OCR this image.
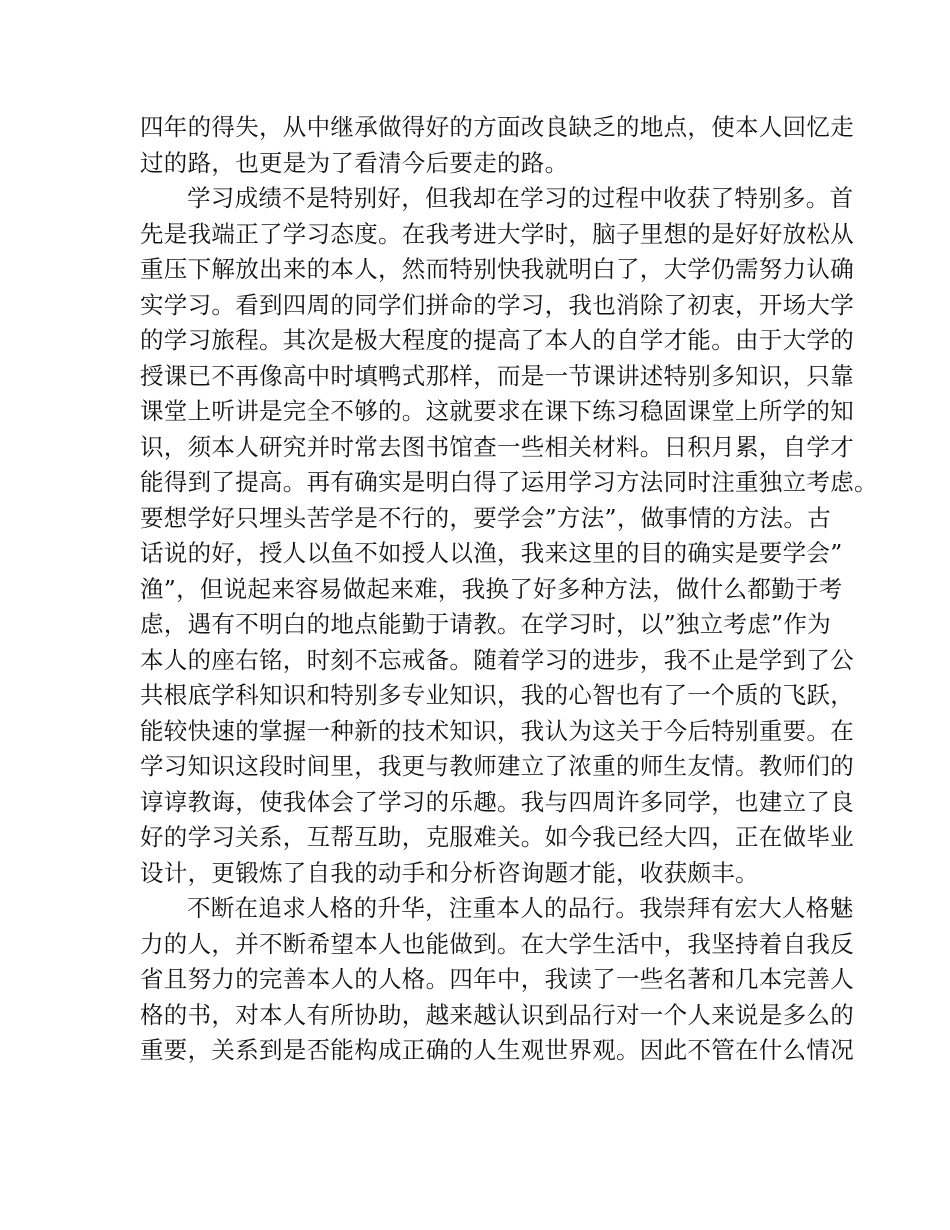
四年的得失，从中继承做得好的方面改良缺乏的地点，使本人回忆走
过的路，也更是为了看清今后要走的路。
学习成绩不是特别好，但我却在学习的过程中收获了特别多。首
先是我端正了学习态度。在我考进大学时，脑子里想的是好好放松从
重压下解放出来的本人，然而特别快我就明白了，大学仍需努力认确
实学习。看到四周的同学们拼命的学习，我也消除了初衷，开场大学
的学习旅程。其次是极大程度的提高了本人的自学才能。由于大学的
授课已不再像高中时填鸭式那样，而是一节课讲述特别多知识，只靠
课堂上听讲是完全不够的。这就要求在课下练习稳固课堂上所学的知
识，须本人研究并时常去图书馆查一些相关材料。日积月累，自学才
能得到了提高。再有确实是明白得了运用学习方法同时注重独立考虑。
要想学好只埋头苦学是不行的，要学会”方法”，做事情的方法。古
话说的好，授人以鱼不如授人以渔，我来这里的目的确实是要学会”
渔”，但说起来容易做起来难，我换了好多种方法，做什么都勤于考
虑，遇有不明白的地点能勤于请教。在学习时，以”独立考虑”作为
本人的座右铭，时刻不忘戒备。随着学习的进步，我不止是学到了公
共根底学科知识和特别多专业知识，我的心智也有了一个质的飞跃，
能较快速的掌握一种新的技术知识，我认为这关于今后特别重要。在
学习知识这段时间里，我更与教师建立了浓重的师生友情。教师们的
谆谆教诲，使我体会了学习的乐趣。我与四周许多同学，也建立了良
好的学习关系，互帮互助，克服难关。如今我已经大四，正在做毕业
设计，更锻炼了自我的动手和分析咨询题才能，收获颇丰。
不断在追求人格的升华，注重本人的品行。我崇拜有宏大人格魅
力的人，并不断希望本人也能做到。在大学生活中，我坚持着自我反
省且努力的完善本人的人格。四年中，我读了一些名著和几本完善人
格的书，对本人有所协助，越来越认识到品行对一个人来说是多么的
重要，关系到是否能构成正确的人生观世界观。因此不管在什么情况
